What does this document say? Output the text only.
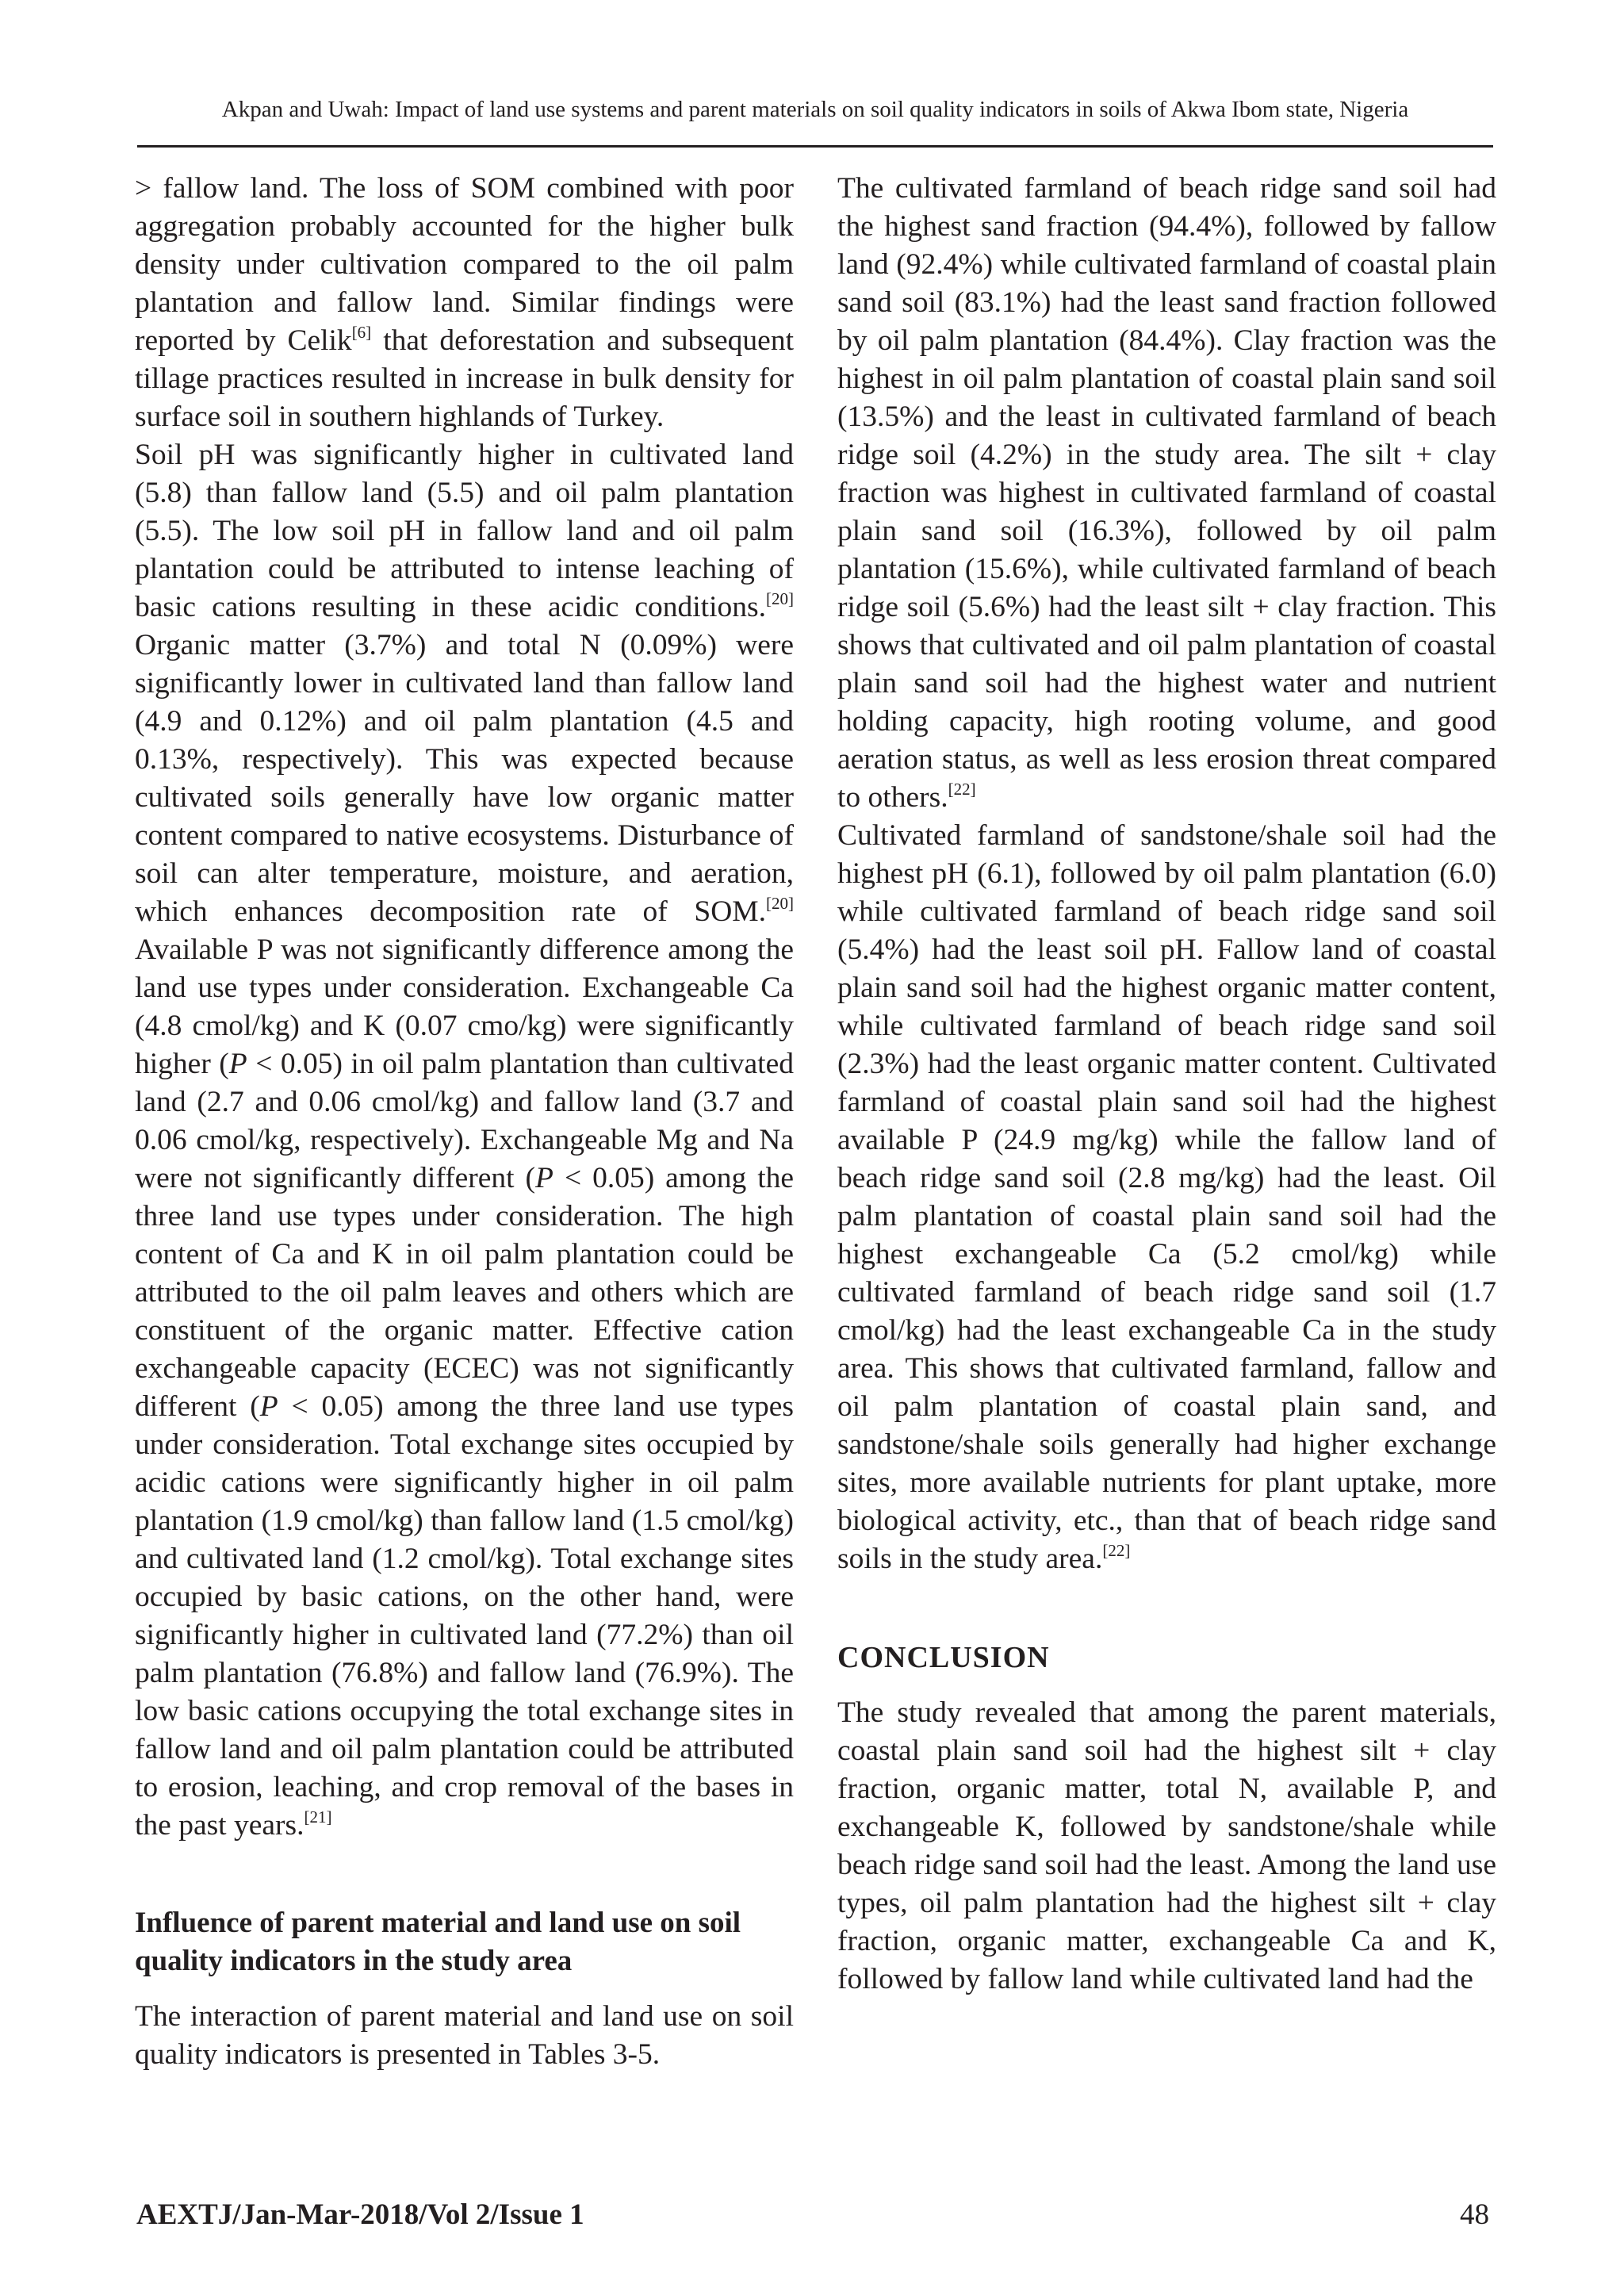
Akpan and Uwah: Impact of land use systems and parent materials on soil quality indicators in soils of Akwa Ibom state, Nigeria

> fallow land. The loss of SOM combined with poor aggregation probably accounted for the higher bulk density under cultivation compared to the oil palm plantation and fallow land. Similar findings were reported by Celik[6] that deforestation and subsequent tillage practices resulted in increase in bulk density for surface soil in southern highlands of Turkey.

Soil pH was significantly higher in cultivated land (5.8) than fallow land (5.5) and oil palm plantation (5.5). The low soil pH in fallow land and oil palm plantation could be attributed to intense leaching of basic cations resulting in these acidic conditions.[20] Organic matter (3.7%) and total N (0.09%) were significantly lower in cultivated land than fallow land (4.9 and 0.12%) and oil palm plantation (4.5 and 0.13%, respectively). This was expected because cultivated soils generally have low organic matter content compared to native ecosystems. Disturbance of soil can alter temperature, moisture, and aeration, which enhances decomposition rate of SOM.[20] Available P was not significantly difference among the land use types under consideration. Exchangeable Ca (4.8 cmol/kg) and K (0.07 cmo/kg) were significantly higher (P < 0.05) in oil palm plantation than cultivated land (2.7 and 0.06 cmol/kg) and fallow land (3.7 and 0.06 cmol/kg, respectively). Exchangeable Mg and Na were not significantly different (P < 0.05) among the three land use types under consideration. The high content of Ca and K in oil palm plantation could be attributed to the oil palm leaves and others which are constituent of the organic matter. Effective cation exchangeable capacity (ECEC) was not significantly different (P < 0.05) among the three land use types under consideration. Total exchange sites occupied by acidic cations were significantly higher in oil palm plantation (1.9 cmol/kg) than fallow land (1.5 cmol/kg) and cultivated land (1.2 cmol/kg). Total exchange sites occupied by basic cations, on the other hand, were significantly higher in cultivated land (77.2%) than oil palm plantation (76.8%) and fallow land (76.9%). The low basic cations occupying the total exchange sites in fallow land and oil palm plantation could be attributed to erosion, leaching, and crop removal of the bases in the past years.[21]

Influence of parent material and land use on soil quality indicators in the study area

The interaction of parent material and land use on soil quality indicators is presented in Tables 3-5.

The cultivated farmland of beach ridge sand soil had the highest sand fraction (94.4%), followed by fallow land (92.4%) while cultivated farmland of coastal plain sand soil (83.1%) had the least sand fraction followed by oil palm plantation (84.4%). Clay fraction was the highest in oil palm plantation of coastal plain sand soil (13.5%) and the least in cultivated farmland of beach ridge soil (4.2%) in the study area. The silt + clay fraction was highest in cultivated farmland of coastal plain sand soil (16.3%), followed by oil palm plantation (15.6%), while cultivated farmland of beach ridge soil (5.6%) had the least silt + clay fraction. This shows that cultivated and oil palm plantation of coastal plain sand soil had the highest water and nutrient holding capacity, high rooting volume, and good aeration status, as well as less erosion threat compared to others.[22]

Cultivated farmland of sandstone/shale soil had the highest pH (6.1), followed by oil palm plantation (6.0) while cultivated farmland of beach ridge sand soil (5.4%) had the least soil pH. Fallow land of coastal plain sand soil had the highest organic matter content, while cultivated farmland of beach ridge sand soil (2.3%) had the least organic matter content. Cultivated farmland of coastal plain sand soil had the highest available P (24.9 mg/kg) while the fallow land of beach ridge sand soil (2.8 mg/kg) had the least. Oil palm plantation of coastal plain sand soil had the highest exchangeable Ca (5.2 cmol/kg) while cultivated farmland of beach ridge sand soil (1.7 cmol/kg) had the least exchangeable Ca in the study area. This shows that cultivated farmland, fallow and oil palm plantation of coastal plain sand, and sandstone/shale soils generally had higher exchange sites, more available nutrients for plant uptake, more biological activity, etc., than that of beach ridge sand soils in the study area.[22]

CONCLUSION

The study revealed that among the parent materials, coastal plain sand soil had the highest silt + clay fraction, organic matter, total N, available P, and exchangeable K, followed by sandstone/shale while beach ridge sand soil had the least. Among the land use types, oil palm plantation had the highest silt + clay fraction, organic matter, exchangeable Ca and K, followed by fallow land while cultivated land had the

AEXTJ/Jan-Mar-2018/Vol 2/Issue 1	48
